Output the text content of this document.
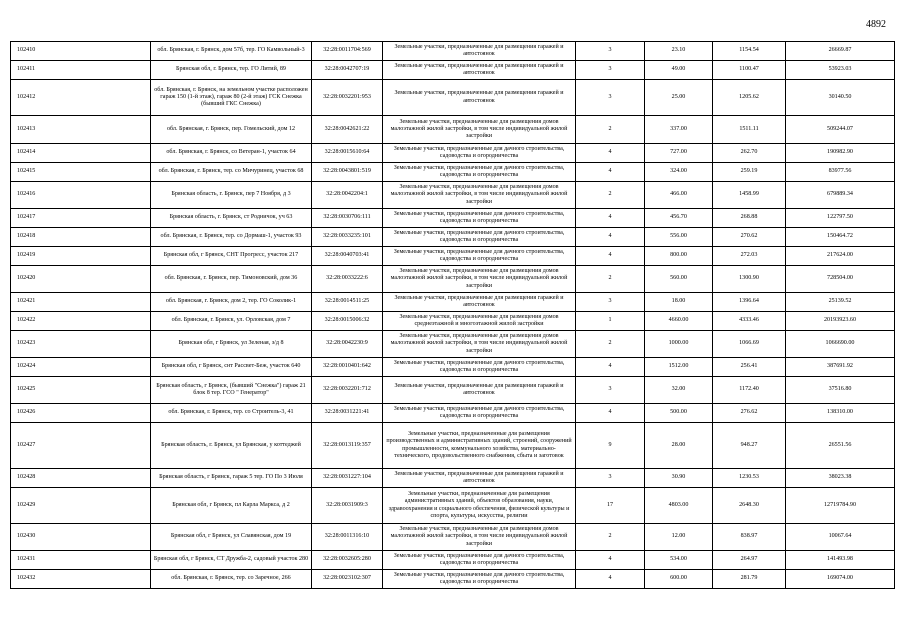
4892
102410	обл. Брянская, г. Брянск, дом 57б, тер. ГО Камвольный-3	32:28:0011704:569	Земельные участки, предназначенные для размещения гаражей и автостоянок	3	23.10	1154.54	26669.87
102411	Брянская обл, г. Брянск, тер. ГО Литий, 89	32:28:0042707:19	Земельные участки, предназначенные для размещения гаражей и автостоянок	3	49.00	1100.47	53923.03
102412	обл. Брянская, г. Брянск, на земельном участке расположен гараж 150 (1-й этаж), гараж 80 (2-й этаж) ГСК Снежка (бывший ГКС Снежка)	32:28:0032201:953	Земельные участки, предназначенные для размещения гаражей и автостоянок	3	25.00	1205.62	30140.50
102413	обл. Брянская, г. Брянск, пер. Гомельский, дом 12	32:28:0042621:22	Земельные участки, предназначенные для размещения домов малоэтажной жилой застройки, в том числе индивидуальной жилой застройки	2	337.00	1511.11	509244.07
102414	обл. Брянская, г. Брянск, сo Ветеран-1, участок 64	32:28:0015610:64	Земельные участки, предназначенные для дачного строительства, садоводства и огородничества	4	727.00	262.70	190982.90
102415	обл. Брянская, г. Брянск, тер. со Мичуринец, участок 68	32:28:0043801:519	Земельные участки, предназначенные для дачного строительства, садоводства и огородничества	4	324.00	259.19	83977.56
102416	Брянская область, г. Брянск, пер 7 Ноября, д 3	32:28:0042204:1	Земельные участки, предназначенные для размещения домов малоэтажной жилой застройки, в том числе индивидуальной жилой застройки	2	466.00	1458.99	679889.34
102417	Брянская область, г. Брянск, ст Родничок, уч 63	32:28:0030706:111	Земельные участки, предназначенные для дачного строительства, садоводства и огородничества	4	456.70	268.88	122797.50
102418	обл. Брянская, г. Брянск, тер. со Дормаш-1, участок 93	32:28:0033235:101	Земельные участки, предназначенные для дачного строительства, садоводства и огородничества	4	556.00	270.62	150464.72
102419	Брянская обл, г Брянск, СНТ Прогресс, участок 217	32:28:0040703:41	Земельные участки, предназначенные для дачного строительства, садоводства и огородничества	4	800.00	272.03	217624.00
102420	обл. Брянская, г. Брянск, пер. Тимоновский, дом 36	32:28:0033222:6	Земельные участки, предназначенные для размещения домов малоэтажной жилой застройки, в том числе индивидуальной жилой застройки	2	560.00	1300.90	728504.00
102421	обл. Брянская, г. Брянск, дом 2, тер. ГО Соколик-1	32:28:0014511:25	Земельные участки, предназначенные для размещения гаражей и автостоянок	3	18.00	1396.64	25139.52
102422	обл. Брянская, г. Брянск, ул. Орловская, дом 7	32:28:0015006:32	Земельные участки, предназначенные для размещения домов среднеэтажной и многоэтажной жилой застройки	1	4660.00	4333.46	20193923.60
102423	Брянская обл, г Брянск, ул Зеленая, з/д 8	32:28:0042230:9	Земельные участки, предназначенные для размещения домов малоэтажной жилой застройки, в том числе индивидуальной жилой застройки	2	1000.00	1066.69	1066690.00
102424	Брянская обл, г Брянск, снт Рассвет-Беж, участок 640	32:28:0010401:642	Земельные участки, предназначенные для дачного строительства, садоводства и огородничества	4	1512.00	256.41	387691.92
102425	Брянская область, г Брянск, (бывший "Снежка") гараж 21 блок 8 тер. ГСО " Генератор"	32:28:0032201:712	Земельные участки, предназначенные для размещения гаражей и автостоянок	3	32.00	1172.40	37516.80
102426	обл. Брянская, г. Брянск, тер. со Строитель-3, 41	32:28:0031221:41	Земельные участки, предназначенные для дачного строительства, садоводства и огородничества	4	500.00	276.62	138310.00
102427	Брянская область, г. Брянск, ул Брянская, у коттеджей	32:28:0013119:357	Земельные участки, предназначенные для размещения производственных и административных зданий, строений, сооружений промышленности, коммунального хозяйства, материально-технического, продовольственного снабжения, сбыта и заготовок	9	28.00	948.27	26551.56
102428	Брянская область, г Брянск, гараж 5 тер. ГО По 3 Июля	32:28:0031227:104	Земельные участки, предназначенные для размещения гаражей и автостоянок	3	30.90	1230.53	38023.38
102429	Брянская обл, г Брянск, пл Карла Маркса, д 2	32:28:0031909:3	Земельные участки, предназначенные для размещения административных зданий, объектов образования, науки, здравоохранения и социального обеспечения, физической культуры и спорта, культуры, искусства, религии	17	4803.00	2648.30	12719784.90
102430	Брянская обл, г Брянск, ул Славянская, дом 19	32:28:0011316:10	Земельные участки, предназначенные для размещения домов малоэтажной жилой застройки, в том числе индивидуальной жилой застройки	2	12.00	838.97	10067.64
102431	Брянская обл, г Брянск, СТ Дружба-2, садовый участок 280	32:28:0032605:280	Земельные участки, предназначенные для дачного строительства, садоводства и огородничества	4	534.00	264.97	141493.98
102432	обл. Брянская, г. Брянск, тер. со Заречное, 266	32:28:0023102:307	Земельные участки, предназначенные для дачного строительства, садоводства и огородничества	4	600.00	281.79	169074.00
